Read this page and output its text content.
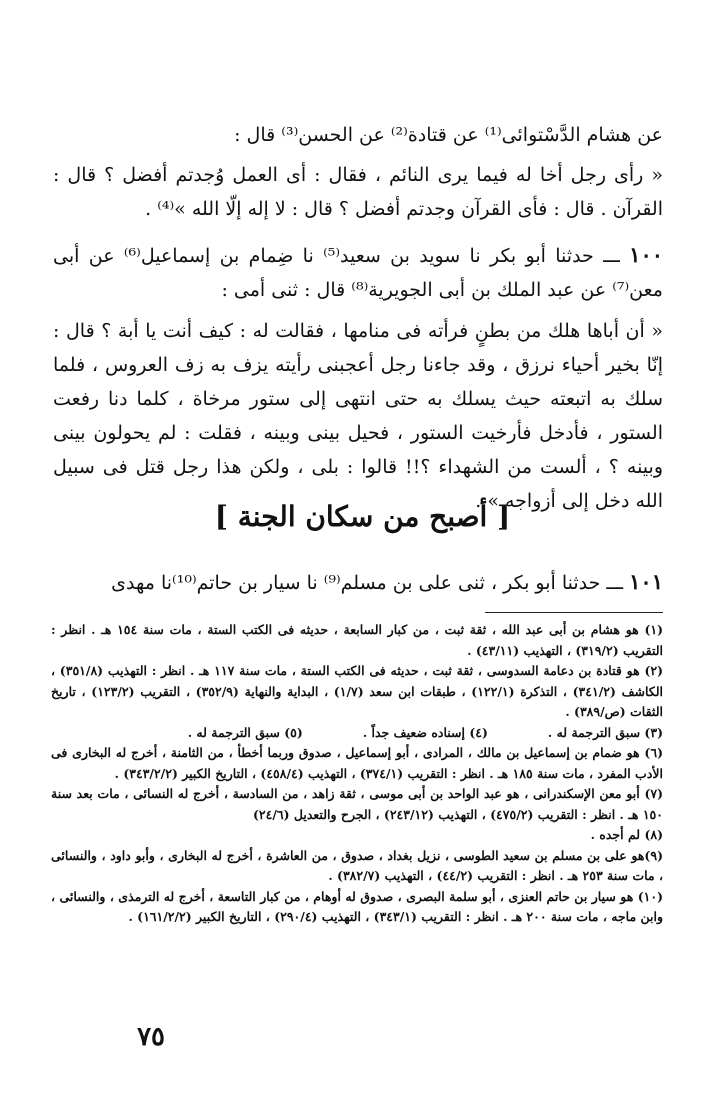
عن هشام الدَّسْتوائى⁽¹⁾ عن قتادة⁽²⁾ عن الحسن⁽³⁾ قال :

« رأى رجل أخا له فيما يرى النائم ، فقال : أى العمل وُجدتم أفضل ؟ قال : القرآن . قال : فأى القرآن وجدتم أفضل ؟ قال : لا إله إلّا الله »⁽⁴⁾ .

١٠٠ ـــ حدثنا أبو بكر نا سويد بن سعيد⁽⁵⁾ نا ضِمام بن إسماعيل⁽⁶⁾ عن أبى معن⁽⁷⁾ عن عبد الملك بن أبى الجويرية⁽⁸⁾ قال : ثنى أمى :

« أن أباها هلك من بطنٍ فرأته فى منامها ، فقالت له : كيف أنت يا أبة ؟ قال : إنّا بخير أحياء نرزق ، وقد جاءنا رجل أعجبنى رأيته يزف به زف العروس ، فلما سلك به اتبعته حيث يسلك به حتى انتهى إلى ستور مرخاة ، كلما دنا رفعت الستور ، فأدخل فأرخيت الستور ، فحيل بينى وبينه ، فقلت : لم يحولون بينى وبينه ؟ ، ألست من الشهداء ؟!! قالوا : بلى ، ولكن هذا رجل قتل فى سبيل الله دخل إلى أزواجه » .

[ أصبح من سكان الجنة ]

١٠١ ـــ حدثنا أبو بكر ، ثنى على بن مسلم⁽⁹⁾ نا سيار بن حاتم⁽¹⁰⁾نا مهدى

(١) هو هشام بن أبى عبد الله ، ثقة ثبت ، من كبار السابعة ، حديثه فى الكتب الستة ، مات سنة ١٥٤ هـ . انظر : التقريب (٣١٩/٢) ، التهذيب (٤٣/١١) .

(٢) هو قتادة بن دعامة السدوسى ، ثقة ثبت ، حديثه فى الكتب الستة ، مات سنة ١١٧ هـ . انظر : التهذيب (٣٥١/٨) ، الكاشف (٣٤١/٢) ، التذكرة (١٢٢/١) ، طبقات ابن سعد (١/٧) ، البداية والنهاية (٣٥٢/٩) ، التقريب (١٢٣/٢) ، تاريخ الثقات (ص/٣٨٩) .

(٣) سبق الترجمة له .
(٤) إسناده ضعيف جداً .
(٥) سبق الترجمة له .

(٦) هو ضمام بن إسماعيل بن مالك ، المرادى ، أبو إسماعيل ، صدوق وربما أخطأ ، من الثامنة ، أخرج له البخارى فى الأدب المفرد ، مات سنة ١٨٥ هـ . انظر : التقريب (٣٧٤/١) ، التهذيب (٤٥٨/٤) ، التاريخ الكبير (٣٤٣/٢/٢) .

(٧) أبو معن الإسكندرانى ، هو عبد الواحد بن أبى موسى ، ثقة زاهد ، من السادسة ، أخرج له النسائى ، مات بعد سنة ١٥٠ هـ . انظر : التقريب (٤٧٥/٢) ، التهذيب (٢٤٣/١٢) ، الجرح والتعديل (٢٤/٦)

(٨) لم أجده .

(٩)هو على بن مسلم بن سعيد الطوسى ، نزيل بغداد ، صدوق ، من العاشرة ، أخرج له البخارى ، وأبو داود ، والنسائى ، مات سنة ٢٥٣ هـ . انظر : التقريب (٤٤/٢) ، التهذيب (٣٨٢/٧) .

(١٠) هو سيار بن حاتم العنزى ، أبو سلمة البصرى ، صدوق له أوهام ، من كبار التاسعة ، أخرج له الترمذى ، والنسائى ، وابن ماجه ، مات سنة ٢٠٠ هـ . انظر : التقريب (٣٤٣/١) ، التهذيب (٢٩٠/٤) ، التاريخ الكبير (١٦١/٢/٢) .

٧٥
